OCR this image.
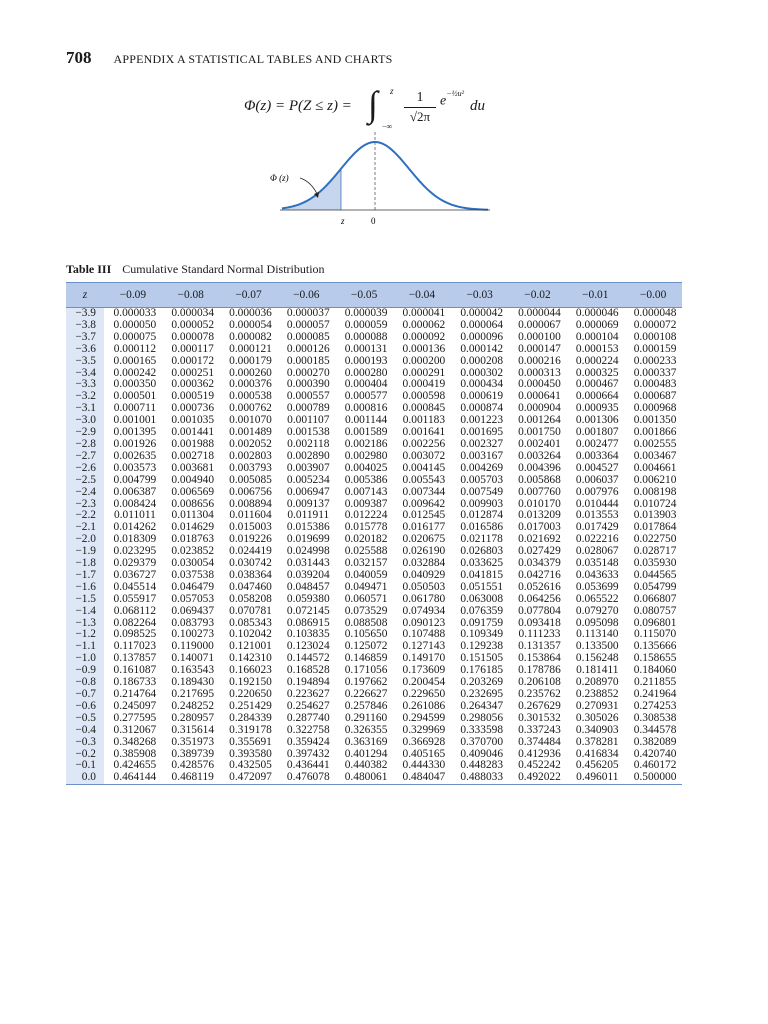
708 APPENDIX A STATISTICAL TABLES AND CHARTS
Φ(z) = P(Z ≤ z) = ∫ z
−∞
1
√2π
$e^{-\frac{1}{2}u^2}$
du
Φ (z)
z	0
Table III Cumulative Standard Normal Distribution
z	−0.09	−0.08	−0.07	−0.06	−0.05	−0.04	−0.03	−0.02	−0.01	−0.00
−3.9	0.000033	0.000034	0.000036	0.000037	0.000039	0.000041	0.000042	0.000044	0.000046	0.000048
−3.8	0.000050	0.000052	0.000054	0.000057	0.000059	0.000062	0.000064	0.000067	0.000069	0.000072
−3.7	0.000075	0.000078	0.000082	0.000085	0.000088	0.000092	0.000096	0.000100	0.000104	0.000108
−3.6	0.000112	0.000117	0.000121	0.000126	0.000131	0.000136	0.000142	0.000147	0.000153	0.000159
−3.5	0.000165	0.000172	0.000179	0.000185	0.000193	0.000200	0.000208	0.000216	0.000224	0.000233
−3.4	0.000242	0.000251	0.000260	0.000270	0.000280	0.000291	0.000302	0.000313	0.000325	0.000337
−3.3	0.000350	0.000362	0.000376	0.000390	0.000404	0.000419	0.000434	0.000450	0.000467	0.000483
−3.2	0.000501	0.000519	0.000538	0.000557	0.000577	0.000598	0.000619	0.000641	0.000664	0.000687
−3.1	0.000711	0.000736	0.000762	0.000789	0.000816	0.000845	0.000874	0.000904	0.000935	0.000968
−3.0	0.001001	0.001035	0.001070	0.001107	0.001144	0.001183	0.001223	0.001264	0.001306	0.001350
−2.9	0.001395	0.001441	0.001489	0.001538	0.001589	0.001641	0.001695	0.001750	0.001807	0.001866
−2.8	0.001926	0.001988	0.002052	0.002118	0.002186	0.002256	0.002327	0.002401	0.002477	0.002555
−2.7	0.002635	0.002718	0.002803	0.002890	0.002980	0.003072	0.003167	0.003264	0.003364	0.003467
−2.6	0.003573	0.003681	0.003793	0.003907	0.004025	0.004145	0.004269	0.004396	0.004527	0.004661
−2.5	0.004799	0.004940	0.005085	0.005234	0.005386	0.005543	0.005703	0.005868	0.006037	0.006210
−2.4	0.006387	0.006569	0.006756	0.006947	0.007143	0.007344	0.007549	0.007760	0.007976	0.008198
−2.3	0.008424	0.008656	0.008894	0.009137	0.009387	0.009642	0.009903	0.010170	0.010444	0.010724
−2.2	0.011011	0.011304	0.011604	0.011911	0.012224	0.012545	0.012874	0.013209	0.013553	0.013903
−2.1	0.014262	0.014629	0.015003	0.015386	0.015778	0.016177	0.016586	0.017003	0.017429	0.017864
−2.0	0.018309	0.018763	0.019226	0.019699	0.020182	0.020675	0.021178	0.021692	0.022216	0.022750
−1.9	0.023295	0.023852	0.024419	0.024998	0.025588	0.026190	0.026803	0.027429	0.028067	0.028717
−1.8	0.029379	0.030054	0.030742	0.031443	0.032157	0.032884	0.033625	0.034379	0.035148	0.035930
−1.7	0.036727	0.037538	0.038364	0.039204	0.040059	0.040929	0.041815	0.042716	0.043633	0.044565
−1.6	0.045514	0.046479	0.047460	0.048457	0.049471	0.050503	0.051551	0.052616	0.053699	0.054799
−1.5	0.055917	0.057053	0.058208	0.059380	0.060571	0.061780	0.063008	0.064256	0.065522	0.066807
−1.4	0.068112	0.069437	0.070781	0.072145	0.073529	0.074934	0.076359	0.077804	0.079270	0.080757
−1.3	0.082264	0.083793	0.085343	0.086915	0.088508	0.090123	0.091759	0.093418	0.095098	0.096801
−1.2	0.098525	0.100273	0.102042	0.103835	0.105650	0.107488	0.109349	0.111233	0.113140	0.115070
−1.1	0.117023	0.119000	0.121001	0.123024	0.125072	0.127143	0.129238	0.131357	0.133500	0.135666
−1.0	0.137857	0.140071	0.142310	0.144572	0.146859	0.149170	0.151505	0.153864	0.156248	0.158655
−0.9	0.161087	0.163543	0.166023	0.168528	0.171056	0.173609	0.176185	0.178786	0.181411	0.184060
−0.8	0.186733	0.189430	0.192150	0.194894	0.197662	0.200454	0.203269	0.206108	0.208970	0.211855
−0.7	0.214764	0.217695	0.220650	0.223627	0.226627	0.229650	0.232695	0.235762	0.238852	0.241964
−0.6	0.245097	0.248252	0.251429	0.254627	0.257846	0.261086	0.264347	0.267629	0.270931	0.274253
−0.5	0.277595	0.280957	0.284339	0.287740	0.291160	0.294599	0.298056	0.301532	0.305026	0.308538
−0.4	0.312067	0.315614	0.319178	0.322758	0.326355	0.329969	0.333598	0.337243	0.340903	0.344578
−0.3	0.348268	0.351973	0.355691	0.359424	0.363169	0.366928	0.370700	0.374484	0.378281	0.382089
−0.2	0.385908	0.389739	0.393580	0.397432	0.401294	0.405165	0.409046	0.412936	0.416834	0.420740
−0.1	0.424655	0.428576	0.432505	0.436441	0.440382	0.444330	0.448283	0.452242	0.456205	0.460172
0.0	0.464144	0.468119	0.472097	0.476078	0.480061	0.484047	0.488033	0.492022	0.496011	0.500000
